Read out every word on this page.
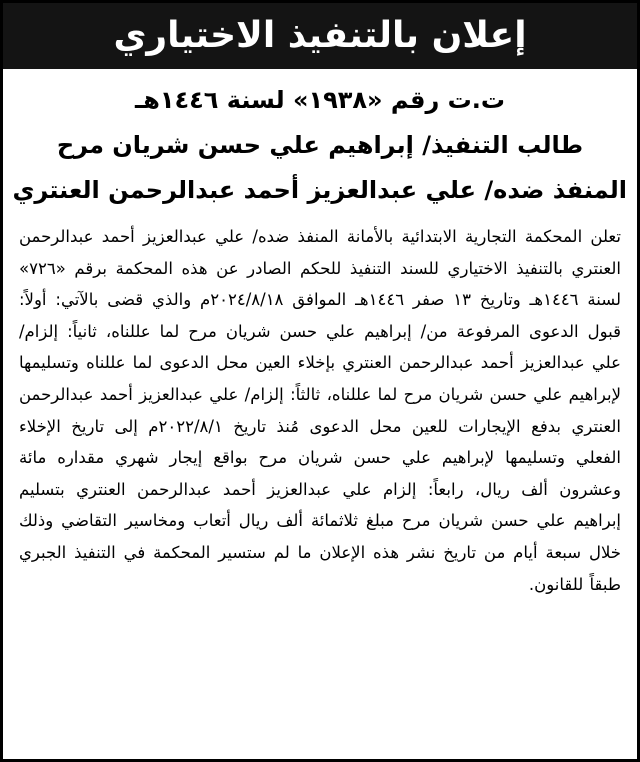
إعلان بالتنفيذ الاختياري
ت.ت رقم «١٩٣٨» لسنة ١٤٤٦هـ
طالب التنفيذ/ إبراهيم علي حسن شريان مرح
المنفذ ضده/ علي عبدالعزيز أحمد عبدالرحمن العنتري
تعلن المحكمة التجارية الابتدائية بالأمانة المنفذ ضده/ علي عبدالعزيز أحمد عبدالرحمن العنتري بالتنفيذ الاختياري للسند التنفيذ للحكم الصادر عن هذه المحكمة برقم «٧٢٦» لسنة ١٤٤٦هـ وتاريخ ١٣ صفر ١٤٤٦هـ الموافق ٢٠٢٤/٨/١٨م والذي قضى بالآتي: أولاً: قبول الدعوى المرفوعة من/ إبراهيم علي حسن شريان مرح لما عللناه، ثانياً: إلزام/ علي عبدالعزيز أحمد عبدالرحمن العنتري بإخلاء العين محل الدعوى لما عللناه وتسليمها لإبراهيم علي حسن شريان مرح لما عللناه، ثالثاً: إلزام/ علي عبدالعزيز أحمد عبدالرحمن العنتري بدفع الإيجارات للعين محل الدعوى مُنذ تاريخ ٢٠٢٢/٨/١م إلى تاريخ الإخلاء الفعلي وتسليمها لإبراهيم علي حسن شريان مرح بواقع إيجار شهري مقداره مائة وعشرون ألف ريال، رابعاً: إلزام علي عبدالعزيز أحمد عبدالرحمن العنتري بتسليم إبراهيم علي حسن شريان مرح مبلغ ثلاثمائة ألف ريال أتعاب ومخاسير التقاضي وذلك خلال سبعة أيام من تاريخ نشر هذه الإعلان ما لم ستسير المحكمة في التنفيذ الجبري طبقاً للقانون.
